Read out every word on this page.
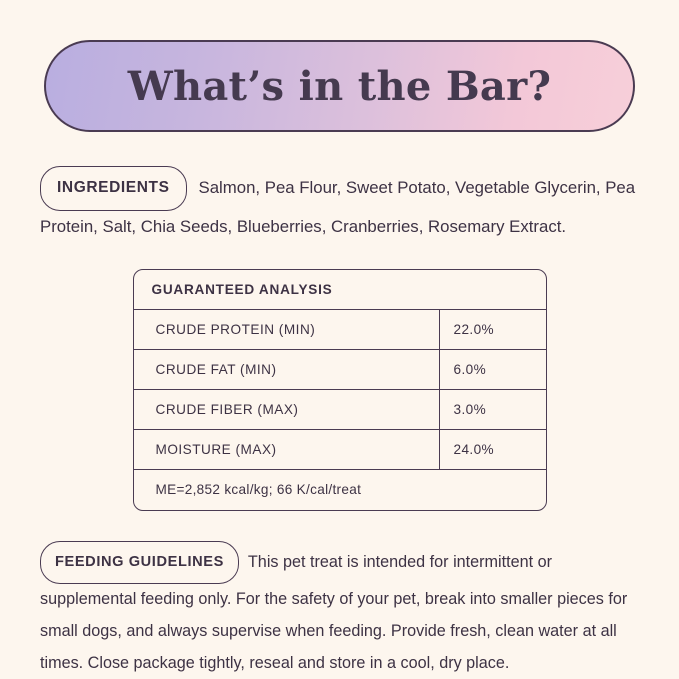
What’s in the Bar?
INGREDIENTS Salmon, Pea Flour, Sweet Potato, Vegetable Glycerin, Pea Protein, Salt, Chia Seeds, Blueberries, Cranberries, Rosemary Extract.
GUARANTEED ANALYSIS
CRUDE PROTEIN (MIN)	22.0%
CRUDE FAT (MIN)	6.0%
CRUDE FIBER (MAX)	3.0%
MOISTURE (MAX)	24.0%
ME=2,852 kcal/kg; 66 K/cal/treat
FEEDING GUIDELINES This pet treat is intended for intermittent or supplemental feeding only. For the safety of your pet, break into smaller pieces for small dogs, and always supervise when feeding. Provide fresh, clean water at all times. Close package tightly, reseal and store in a cool, dry place.
